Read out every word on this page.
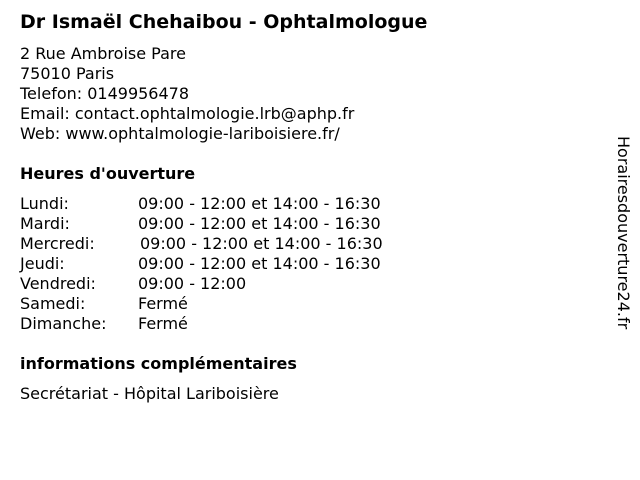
Dr Ismaël Chehaibou - Ophtalmologue
2 Rue Ambroise Pare
75010 Paris
Telefon: 0149956478
Email: contact.ophtalmologie.lrb@aphp.fr
Web: www.ophtalmologie-lariboisiere.fr/
Heures d'ouverture
Lundi:	09:00 - 12:00 et 14:00 - 16:30
Mardi:	09:00 - 12:00 et 14:00 - 16:30
Mercredi:	09:00 - 12:00 et 14:00 - 16:30
Jeudi:	09:00 - 12:00 et 14:00 - 16:30
Vendredi:	09:00 - 12:00
Samedi:	Fermé
Dimanche: Fermé
informations complémentaires
Secrétariat - Hôpital Lariboisière
Horairesdouverture24.fr
